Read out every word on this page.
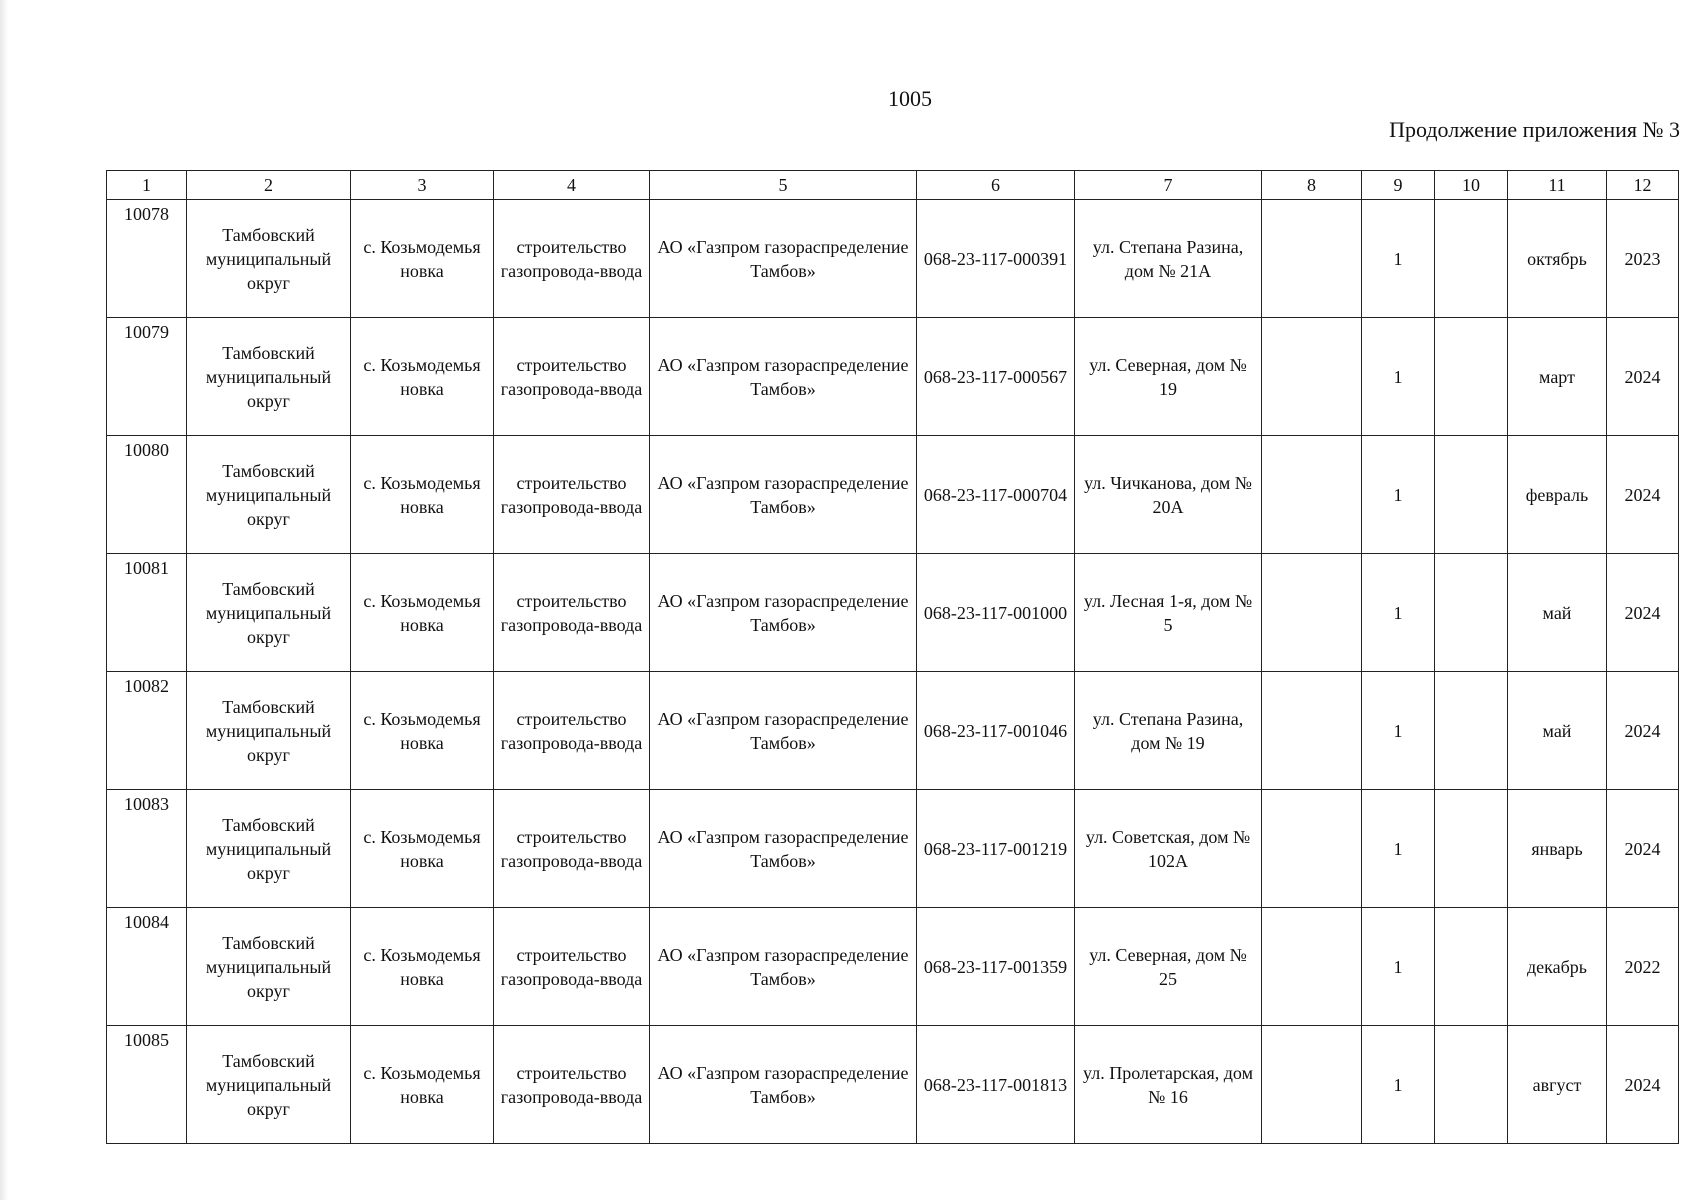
1005
Продолжение приложения № 3
1	2	3	4	5	6	7	8	9	10	11	12
10078	Тамбовский муниципальный округ	с. Козьмодемья новка	строительство газопровода-ввода	АО «Газпром газораспределение Тамбов»	068-23-117-000391	ул. Степана Разина, дом № 21А		1		октябрь	2023
10079	Тамбовский муниципальный округ	с. Козьмодемья новка	строительство газопровода-ввода	АО «Газпром газораспределение Тамбов»	068-23-117-000567	ул. Северная, дом № 19		1		март	2024
10080	Тамбовский муниципальный округ	с. Козьмодемья новка	строительство газопровода-ввода	АО «Газпром газораспределение Тамбов»	068-23-117-000704	ул. Чичканова, дом № 20А		1		февраль	2024
10081	Тамбовский муниципальный округ	с. Козьмодемья новка	строительство газопровода-ввода	АО «Газпром газораспределение Тамбов»	068-23-117-001000	ул. Лесная 1-я, дом № 5		1		май	2024
10082	Тамбовский муниципальный округ	с. Козьмодемья новка	строительство газопровода-ввода	АО «Газпром газораспределение Тамбов»	068-23-117-001046	ул. Степана Разина, дом № 19		1		май	2024
10083	Тамбовский муниципальный округ	с. Козьмодемья новка	строительство газопровода-ввода	АО «Газпром газораспределение Тамбов»	068-23-117-001219	ул. Советская, дом № 102А		1		январь	2024
10084	Тамбовский муниципальный округ	с. Козьмодемья новка	строительство газопровода-ввода	АО «Газпром газораспределение Тамбов»	068-23-117-001359	ул. Северная, дом № 25		1		декабрь	2022
10085	Тамбовский муниципальный округ	с. Козьмодемья новка	строительство газопровода-ввода	АО «Газпром газораспределение Тамбов»	068-23-117-001813	ул. Пролетарская, дом № 16		1		август	2024
